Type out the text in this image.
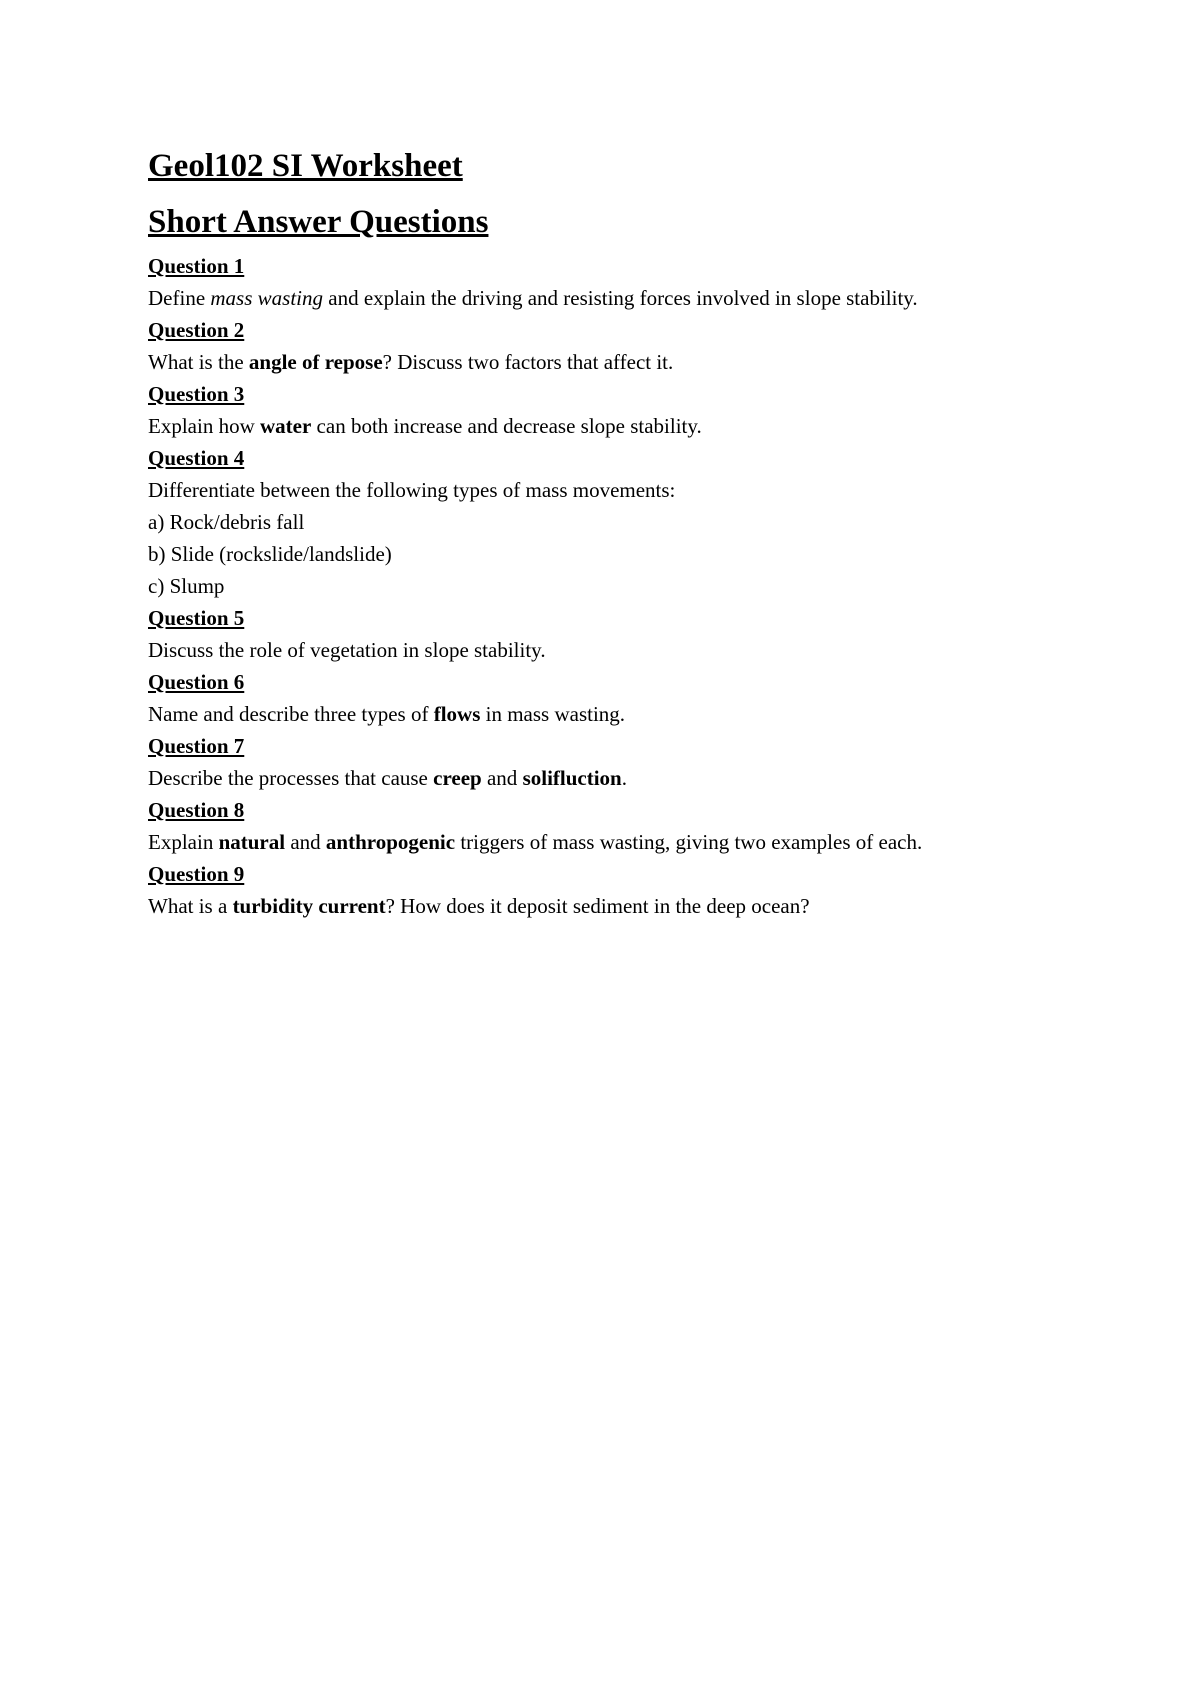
Geol102 SI Worksheet
Short Answer Questions

Question 1

Define mass wasting and explain the driving and resisting forces involved in slope stability.

Question 2

What is the angle of repose? Discuss two factors that affect it.

Question 3

Explain how water can both increase and decrease slope stability.

Question 4

Differentiate between the following types of mass movements:

a) Rock/debris fall

b) Slide (rockslide/landslide)

c) Slump

Question 5

Discuss the role of vegetation in slope stability.

Question 6

Name and describe three types of flows in mass wasting.

Question 7

Describe the processes that cause creep and solifluction.

Question 8

Explain natural and anthropogenic triggers of mass wasting, giving two examples of each.

Question 9

What is a turbidity current? How does it deposit sediment in the deep ocean?
